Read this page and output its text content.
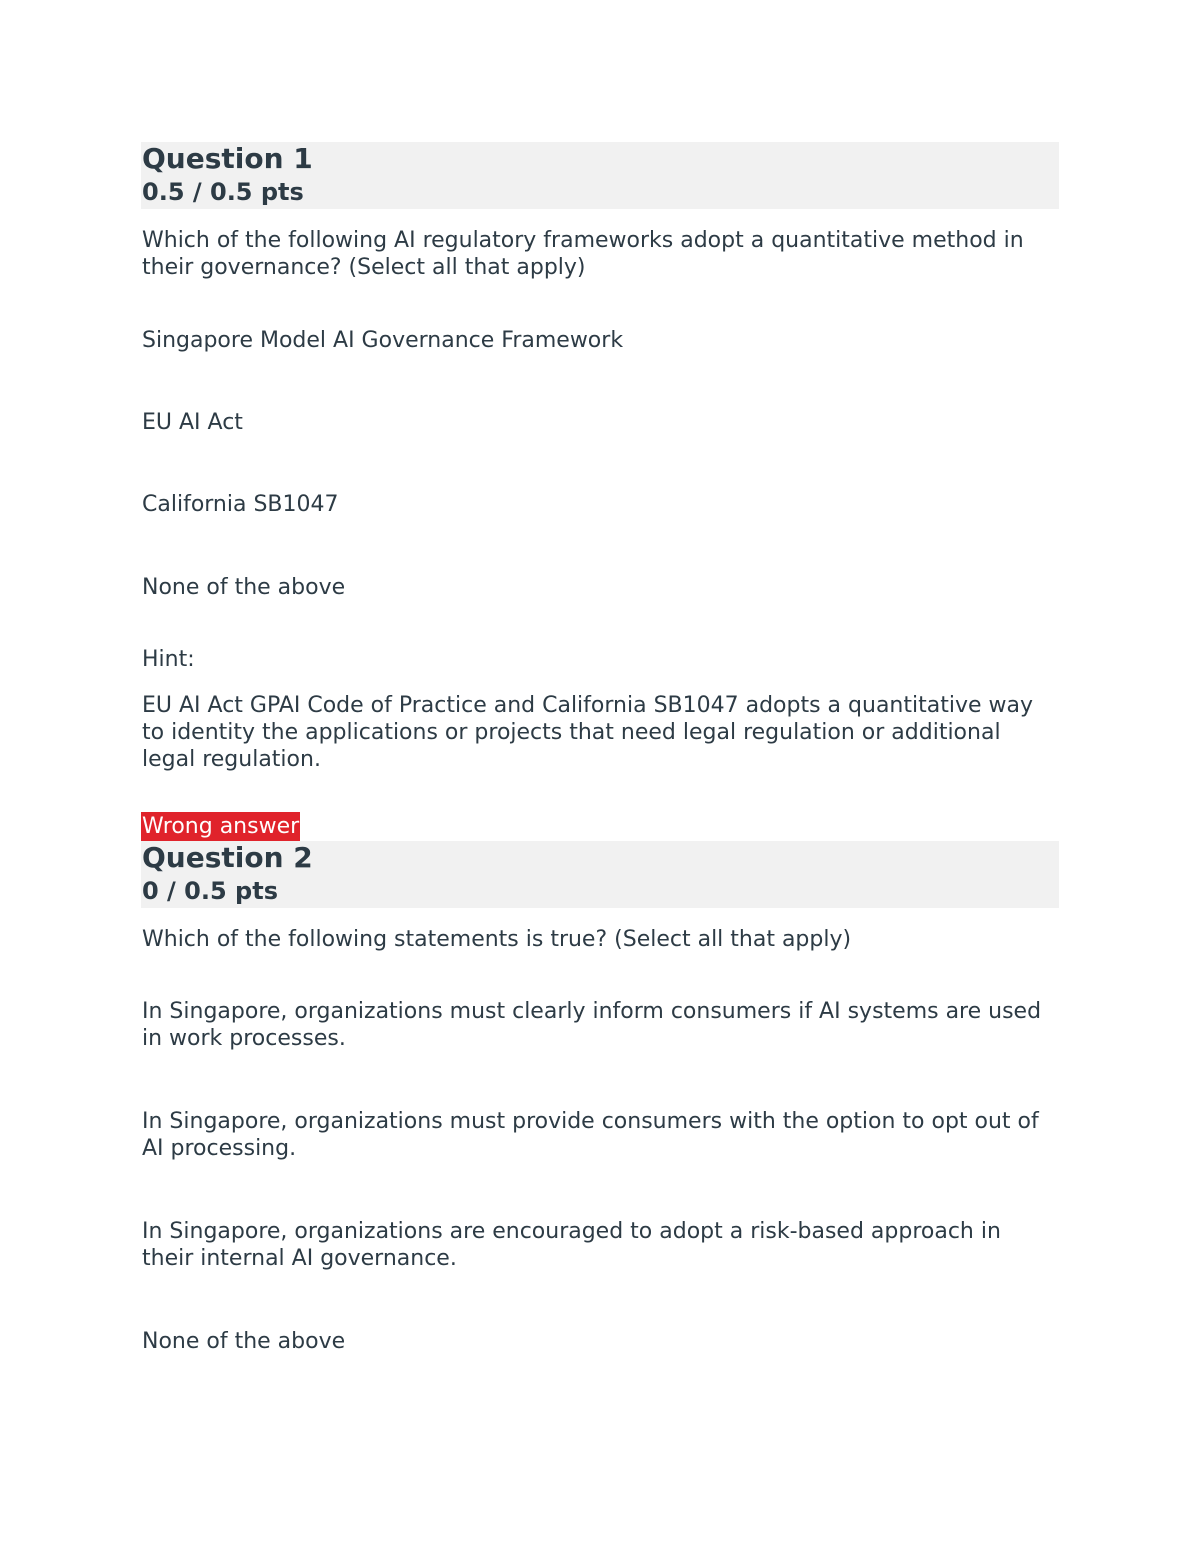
Question 1
0.5 / 0.5 pts
Which of the following AI regulatory frameworks adopt a quantitative method in their governance? (Select all that apply)
Singapore Model AI Governance Framework
EU AI Act
California SB1047
None of the above
Hint:
EU AI Act GPAI Code of Practice and California SB1047 adopts a quantitative way to identity the applications or projects that need legal regulation or additional legal regulation.
Wrong answer
Question 2
0 / 0.5 pts
Which of the following statements is true? (Select all that apply)
In Singapore, organizations must clearly inform consumers if AI systems are used in work processes.
In Singapore, organizations must provide consumers with the option to opt out of AI processing.
In Singapore, organizations are encouraged to adopt a risk-based approach in their internal AI governance.
None of the above
